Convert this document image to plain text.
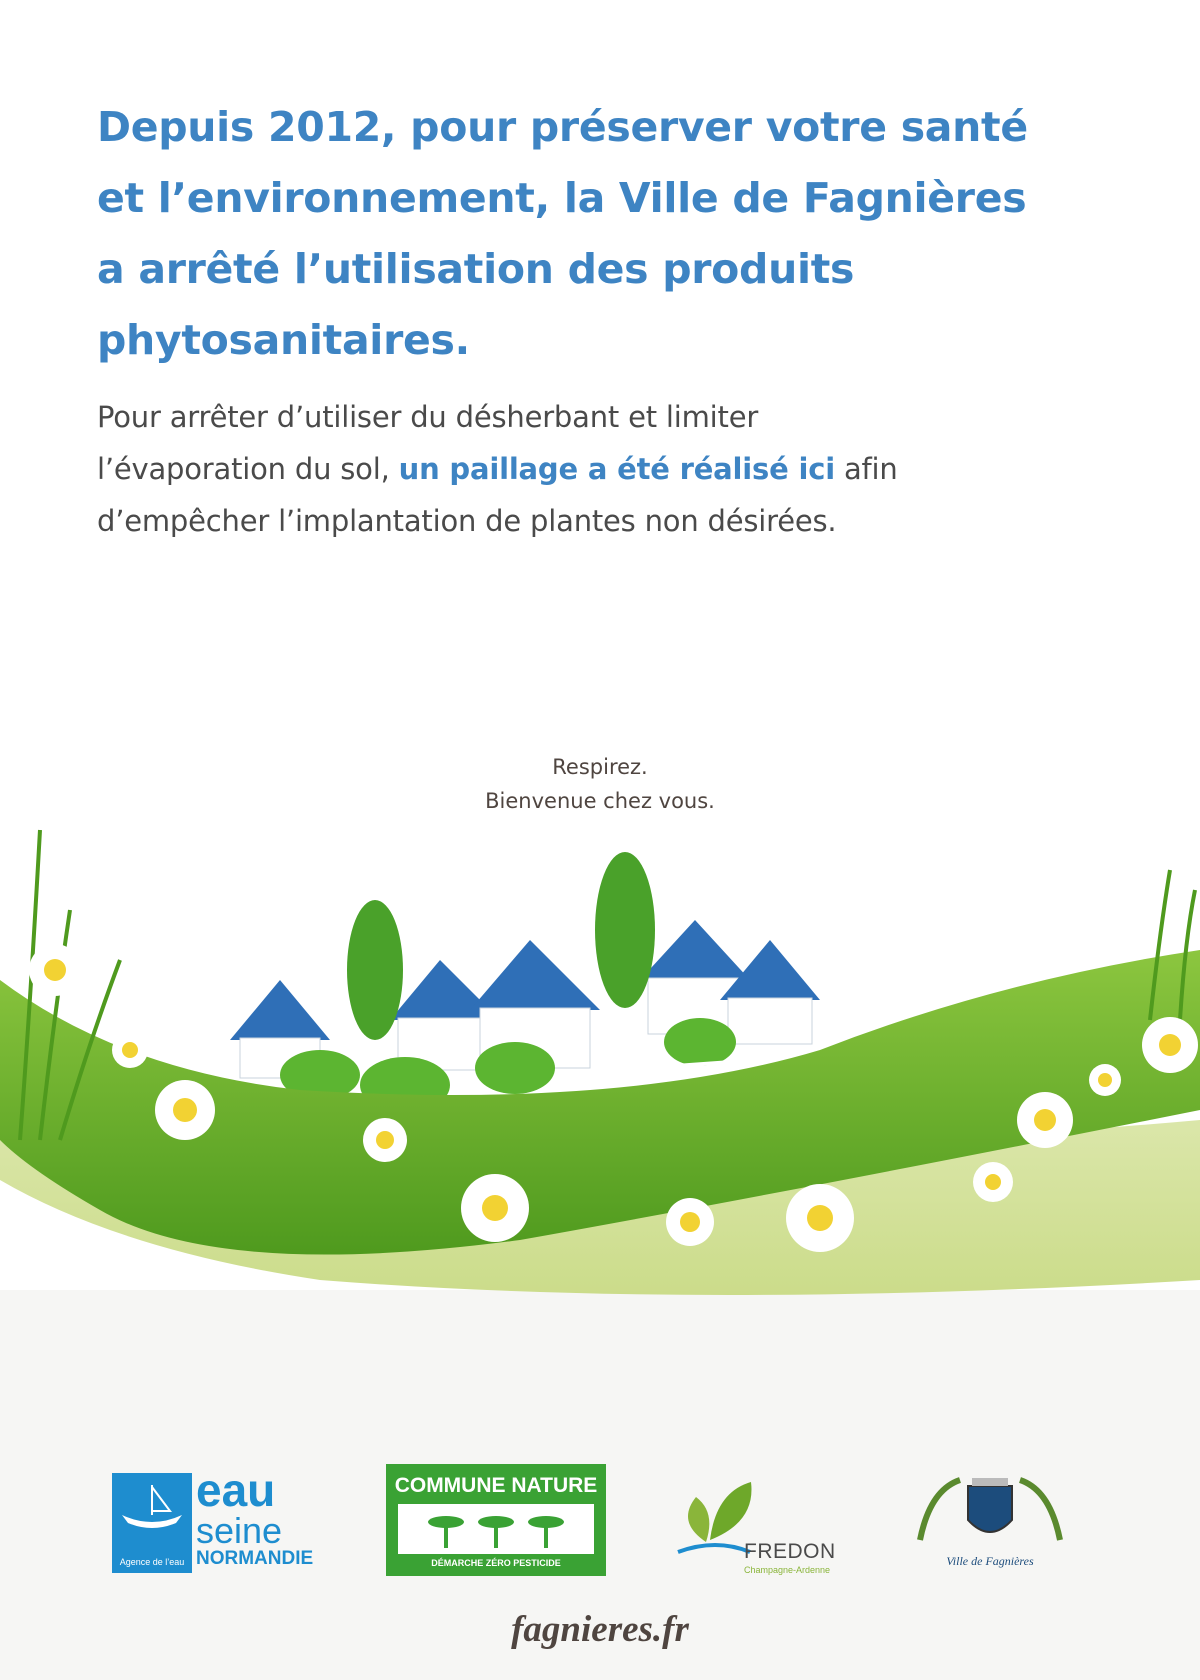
Depuis 2012, pour préserver votre santé
et l’environnement, la Ville de Fagnières
a arrêté l’utilisation des produits
phytosanitaires.

Pour arrêter d’utiliser du désherbant et limiter
l’évaporation du sol, un paillage a été réalisé ici afin
d’empêcher l’implantation de plantes non désirées.

Respirez.
Bienvenue chez vous.
Agence de l’eau
eau
seine
NORMANDIE
COMMUNE NATURE
DÉMARCHE ZÉRO PESTICIDE	FREDON
Champagne-Ardenne
Ville de Fagnières
fagnieres.fr
